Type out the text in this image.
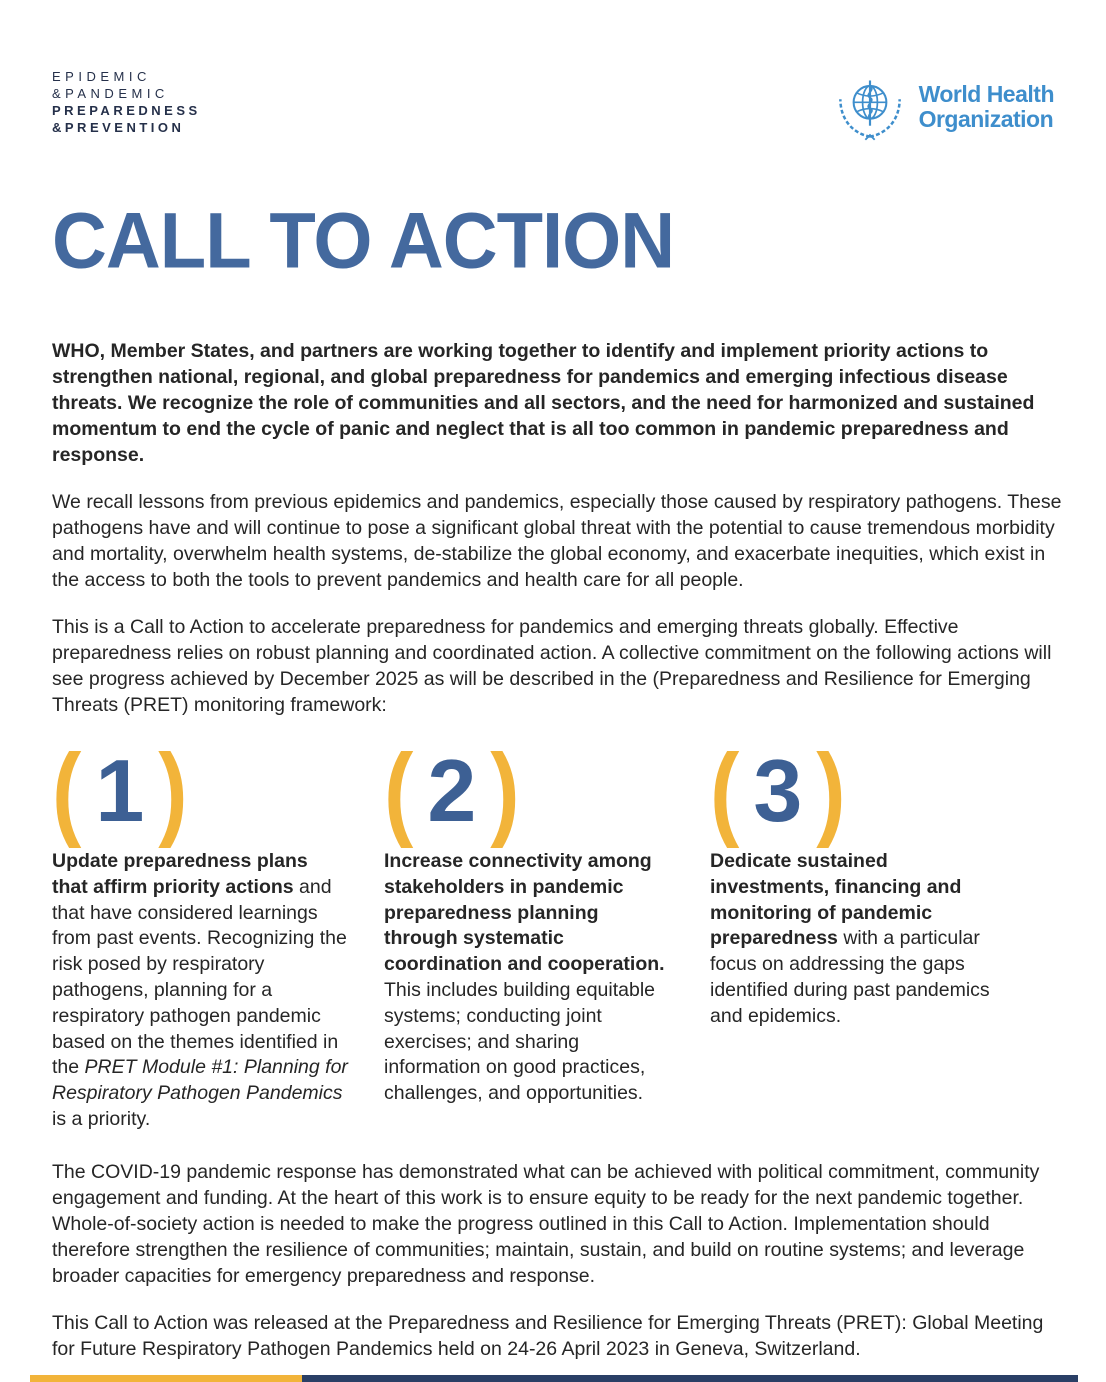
EPIDEMIC
&PANDEMIC
PREPAREDNESS
&PREVENTION
World Health
Organization
CALL TO ACTION

WHO, Member States, and partners are working together to identify and implement priority actions to strengthen national, regional, and global preparedness for pandemics and emerging infectious disease threats. We recognize the role of communities and all sectors, and the need for harmonized and sustained momentum to end the cycle of panic and neglect that is all too common in pandemic preparedness and response.

We recall lessons from previous epidemics and pandemics, especially those caused by respiratory pathogens. These pathogens have and will continue to pose a significant global threat with the potential to cause tremendous morbidity and mortality, overwhelm health systems, de-stabilize the global economy, and exacerbate inequities, which exist in the access to both the tools to prevent pandemics and health care for all people.

This is a Call to Action to accelerate preparedness for pandemics and emerging threats globally. Effective preparedness relies on robust planning and coordinated action. A collective commitment on the following actions will see progress achieved by December 2025 as will be described in the (Preparedness and Resilience for Emerging Threats (PRET) monitoring framework:

( 1 )

Update preparedness plans that affirm priority actions and that have considered learnings from past events. Recognizing the risk posed by respiratory pathogens, planning for a respiratory pathogen pandemic based on the themes identified in the PRET Module #1: Planning for Respiratory Pathogen Pandemics is a priority.

( 2 )

Increase connectivity among stakeholders in pandemic preparedness planning through systematic coordination and cooperation. This includes building equitable systems; conducting joint exercises; and sharing information on good practices, challenges, and opportunities.

( 3 )

Dedicate sustained investments, financing and monitoring of pandemic preparedness with a particular focus on addressing the gaps identified during past pandemics and epidemics.

The COVID-19 pandemic response has demonstrated what can be achieved with political commitment, community engagement and funding. At the heart of this work is to ensure equity to be ready for the next pandemic together. Whole-of-society action is needed to make the progress outlined in this Call to Action. Implementation should therefore strengthen the resilience of communities; maintain, sustain, and build on routine systems; and leverage broader capacities for emergency preparedness and response.

This Call to Action was released at the Preparedness and Resilience for Emerging Threats (PRET): Global Meeting for Future Respiratory Pathogen Pandemics held on 24-26 April 2023 in Geneva, Switzerland.
